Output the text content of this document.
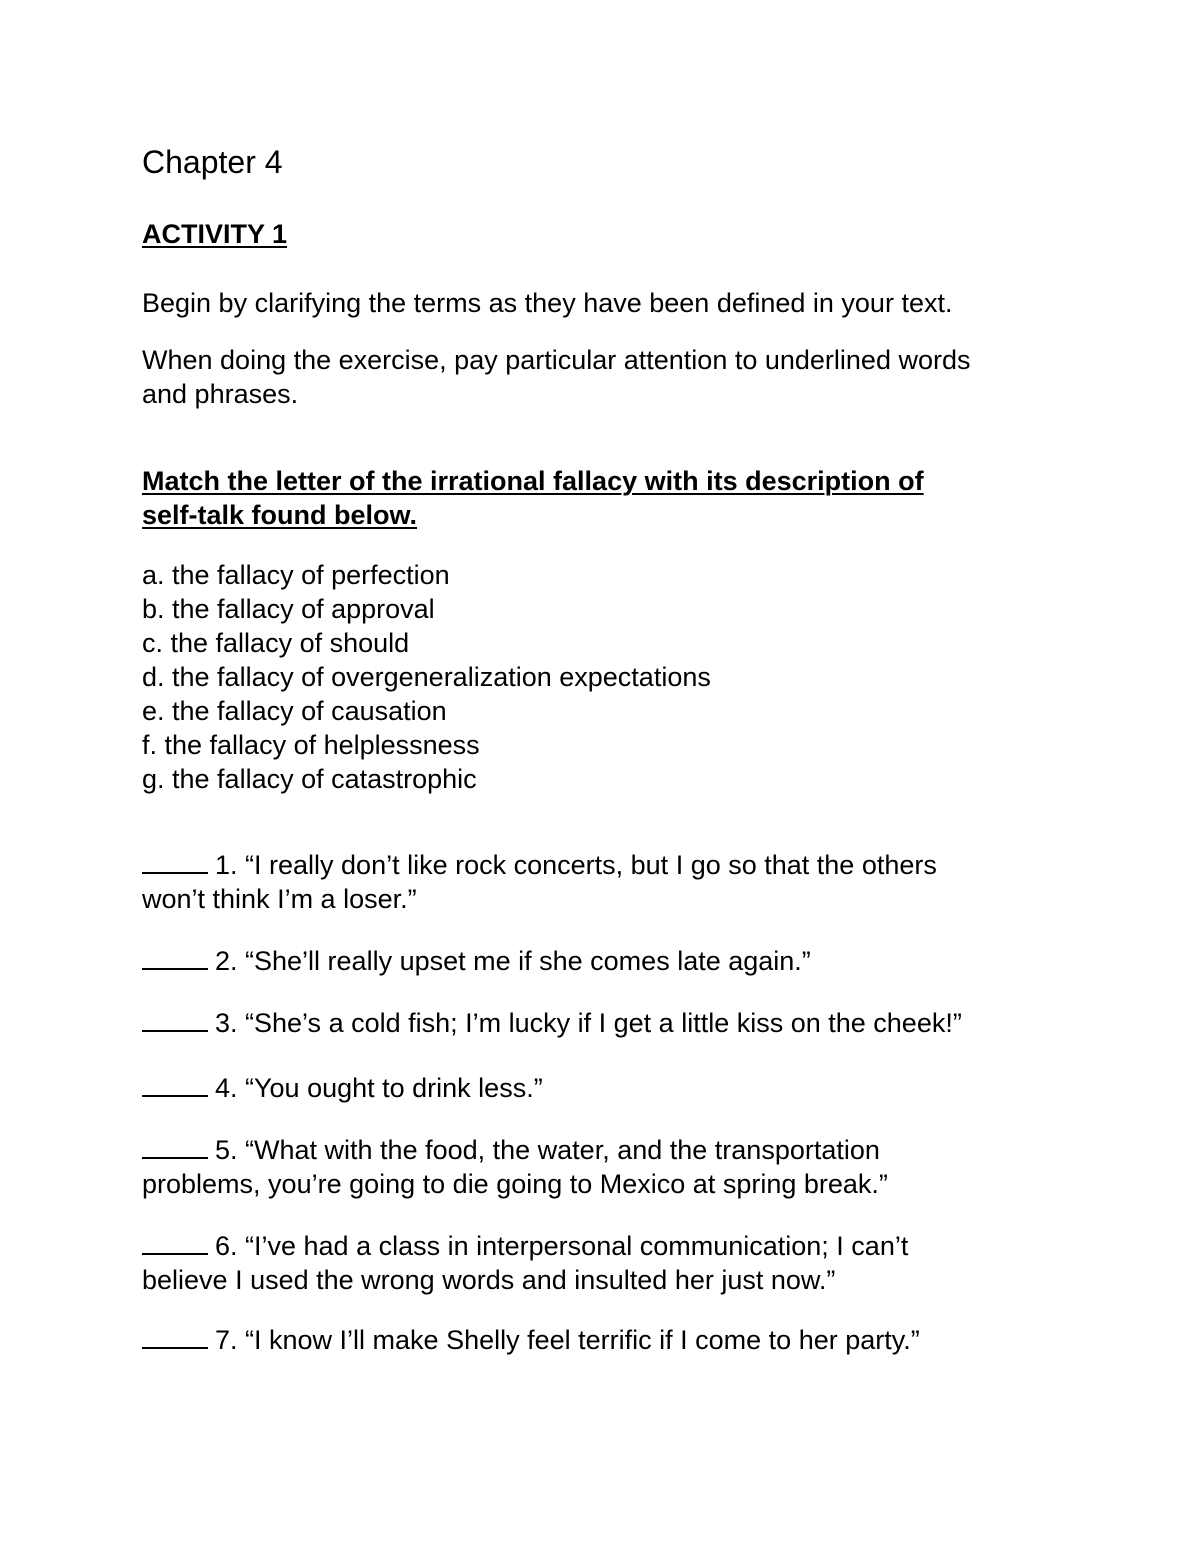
Chapter 4
ACTIVITY 1

Begin by clarifying the terms as they have been defined in your text.

When doing the exercise, pay particular attention to underlined words
and phrases.

Match the letter of the irrational fallacy with its description of
self-talk found below.
a. the fallacy of perfection
b. the fallacy of approval
c. the fallacy of should
d. the fallacy of overgeneralization expectations
e. the fallacy of causation
f. the fallacy of helplessness
g. the fallacy of catastrophic
1. “I really don’t like rock concerts, but I go so that the others
won’t think I’m a loser.”
2. “She’ll really upset me if she comes late again.”
3. “She’s a cold fish; I’m lucky if I get a little kiss on the cheek!”
4. “You ought to drink less.”
5. “What with the food, the water, and the transportation
problems, you’re going to die going to Mexico at spring break.”
6. “I’ve had a class in interpersonal communication; I can’t
believe I used the wrong words and insulted her just now.”
7. “I know I’ll make Shelly feel terrific if I come to her party.”
